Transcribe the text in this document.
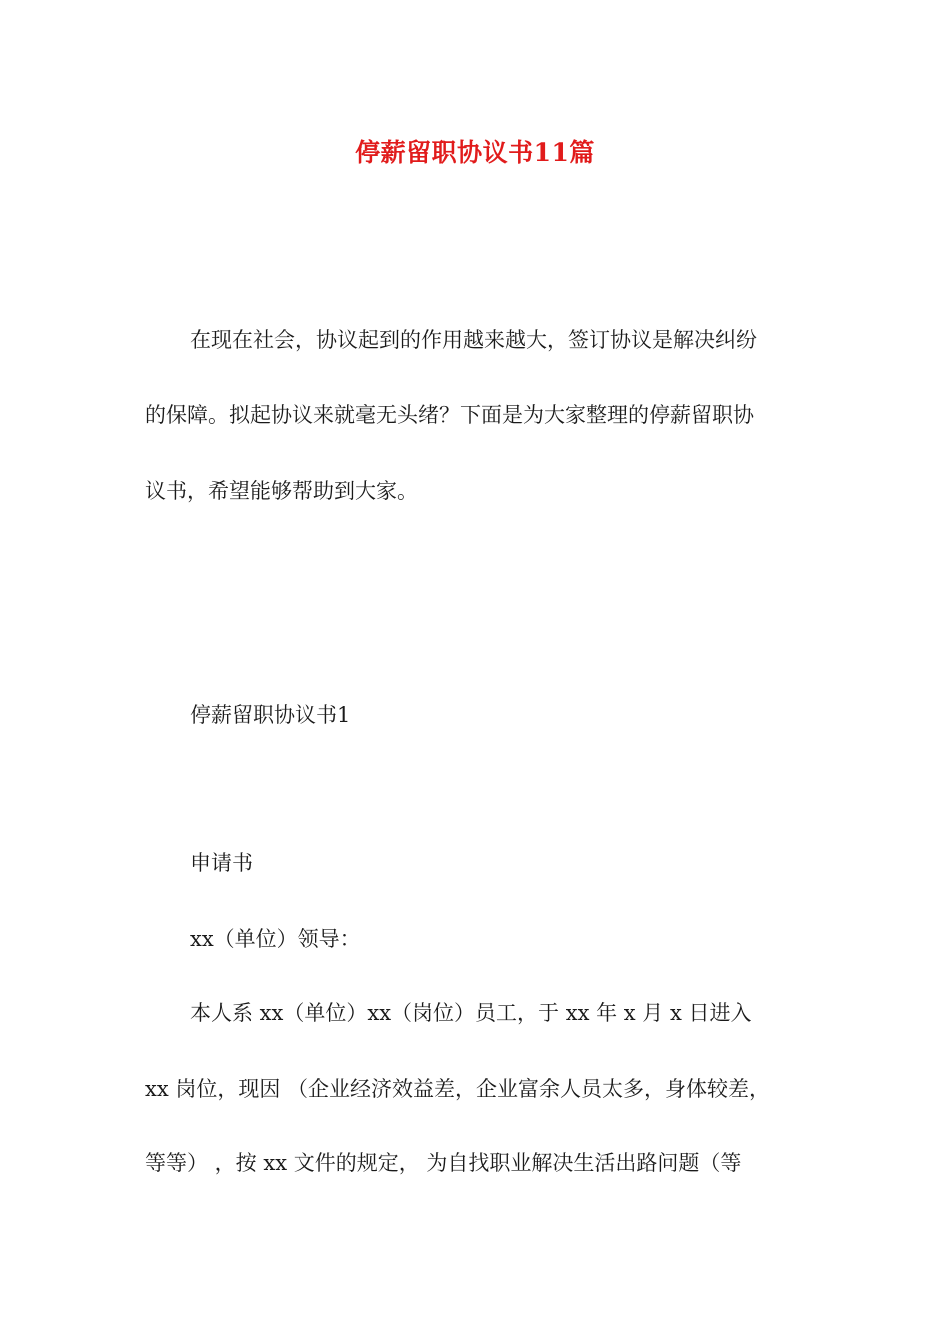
停薪留职协议书11篇
在现在社会，协议起到的作用越来越大，签订协议是解决纠纷
的保障。拟起协议来就毫无头绪？下面是为大家整理的停薪留职协
议书，希望能够帮助到大家。
停薪留职协议书1
申请书
xx（单位）领导：
本人系 xx（单位）xx（岗位）员工，于 xx 年 x 月 x 日进入
xx 岗位，现因 （企业经济效益差，企业富余人员太多，身体较差，
等等） ，按 xx 文件的规定， 为自找职业解决生活出路问题（等
